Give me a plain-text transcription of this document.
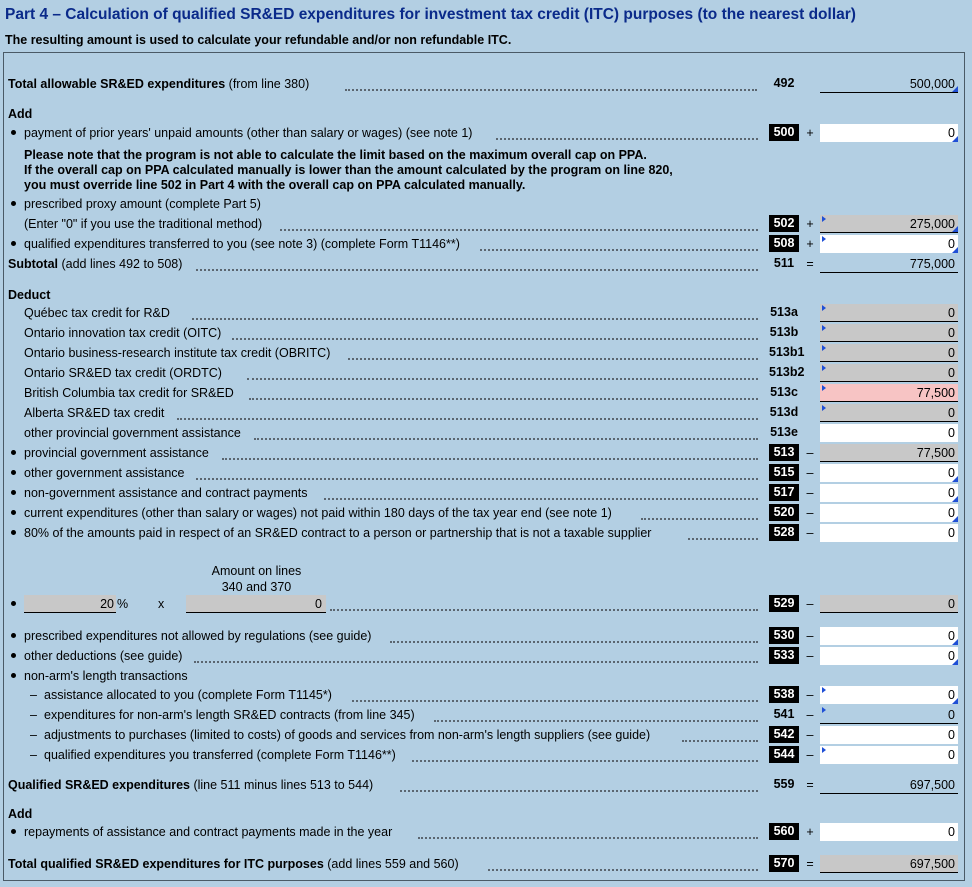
Part 4 – Calculation of qualified SR&ED expenditures for investment tax credit (ITC) purposes (to the nearest dollar)
The resulting amount is used to calculate your refundable and/or non refundable ITC.
Total allowable SR&ED expenditures (from line 380)	492	500,000
Add
payment of prior years' unpaid amounts (other than salary or wages) (see note 1)	500 +	0
Please note that the program is not able to calculate the limit based on the maximum overall cap on PPA.
If the overall cap on PPA calculated manually is lower than the amount calculated by the program on line 820,
you must override line 502 in Part 4 with the overall cap on PPA calculated manually.
prescribed proxy amount (complete Part 5)
(Enter "0" if you use the traditional method)	502 +	275,000
qualified expenditures transferred to you (see note 3) (complete Form T1146**)	508 +	0
Subtotal (add lines 492 to 508)	511 =	775,000
Deduct
Québec tax credit for R&D	513a	0
Ontario innovation tax credit (OITC)	513b	0
Ontario business-research institute tax credit (OBRITC)	513b1	0
Ontario SR&ED tax credit (ORDTC)	513b2	0
British Columbia tax credit for SR&ED	513c	77,500
Alberta SR&ED tax credit	513d	0
other provincial government assistance	513e	0
provincial government assistance	513 –	77,500
other government assistance	515 –	0
non-government assistance and contract payments	517 –	0
current expenditures (other than salary or wages) not paid within 180 days of the tax year end (see note 1)	520 –	0
80% of the amounts paid in respect of an SR&ED contract to a person or partnership that is not a taxable supplier	528 –	0
Amount on lines
340 and 370
20 % x	0	529 –	0
prescribed expenditures not allowed by regulations (see guide)	530 –	0
other deductions (see guide)	533 –	0
non-arm's length transactions
– assistance allocated to you (complete Form T1145*)	538 –	0
– expenditures for non-arm's length SR&ED contracts (from line 345)	541 –	0
– adjustments to purchases (limited to costs) of goods and services from non-arm's length suppliers (see guide)	542 –	0
– qualified expenditures you transferred (complete Form T1146**)	544 –	0
Qualified SR&ED expenditures (line 511 minus lines 513 to 544)	559 =	697,500
Add
repayments of assistance and contract payments made in the year	560 +	0
Total qualified SR&ED expenditures for ITC purposes (add lines 559 and 560)	570 =	697,500
